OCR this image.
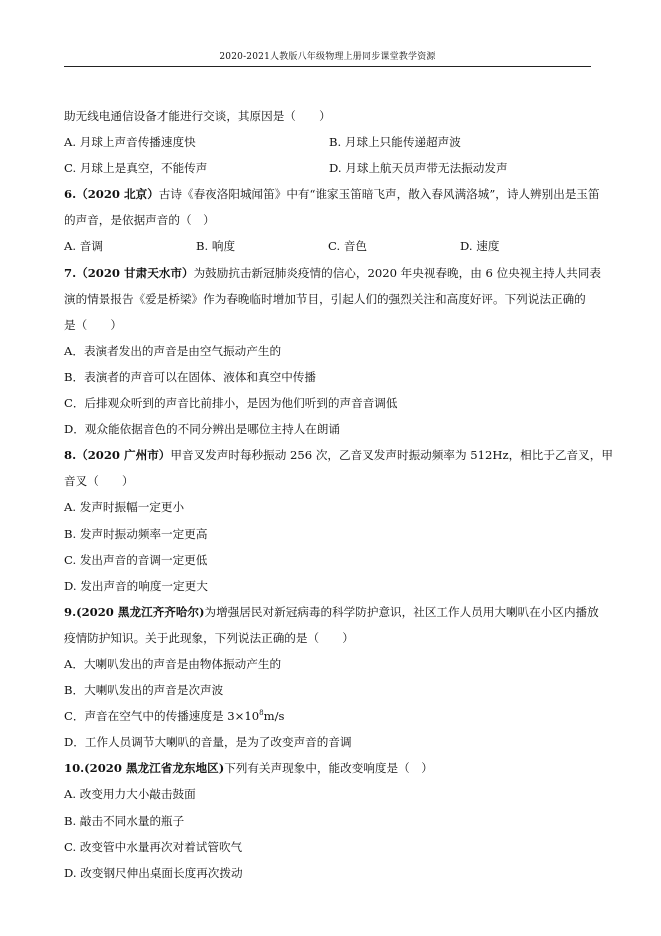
2020-2021人教版八年级物理上册同步课堂教学资源
助无线电通信设备才能进行交谈，其原因是（　　）
A. 月球上声音传播速度快	B. 月球上只能传递超声波
C. 月球上是真空，不能传声	D. 月球上航天员声带无法振动发声
6.（2020 北京）古诗《春夜洛阳城闻笛》中有“谁家玉笛暗飞声，散入春风满洛城”，诗人辨别出是玉笛
的声音，是依据声音的（　）
A. 音调	B. 响度	C. 音色	D. 速度
7.（2020 甘肃天水市）为鼓励抗击新冠肺炎疫情的信心，2020 年央视春晚，由 6 位央视主持人共同表
演的情景报告《爱是桥梁》作为春晚临时增加节目，引起人们的强烈关注和高度好评。下列说法正确的
是（　　）
A．表演者发出的声音是由空气振动产生的
B．表演者的声音可以在固体、液体和真空中传播
C．后排观众听到的声音比前排小，是因为他们听到的声音音调低
D．观众能依据音色的不同分辨出是哪位主持人在朗诵
8.（2020 广州市）甲音叉发声时每秒振动 256 次，乙音叉发声时振动频率为 512Hz，相比于乙音叉，甲
音叉（　　）
A. 发声时振幅一定更小
B. 发声时振动频率一定更高
C. 发出声音的音调一定更低
D. 发出声音的响度一定更大
9.(2020 黑龙江齐齐哈尔)为增强居民对新冠病毒的科学防护意识，社区工作人员用大喇叭在小区内播放
疫情防护知识。关于此现象，下列说法正确的是（　　）
A．大喇叭发出的声音是由物体振动产生的
B．大喇叭发出的声音是次声波
C．声音在空气中的传播速度是 $3\times 10^8m/s$
D．工作人员调节大喇叭的音量，是为了改变声音的音调
10.(2020 黑龙江省龙东地区)下列有关声现象中，能改变响度是（　）
A. 改变用力大小敲击鼓面
B. 敲击不同水量的瓶子
C. 改变管中水量再次对着试管吹气
D. 改变钢尺伸出桌面长度再次拨动
